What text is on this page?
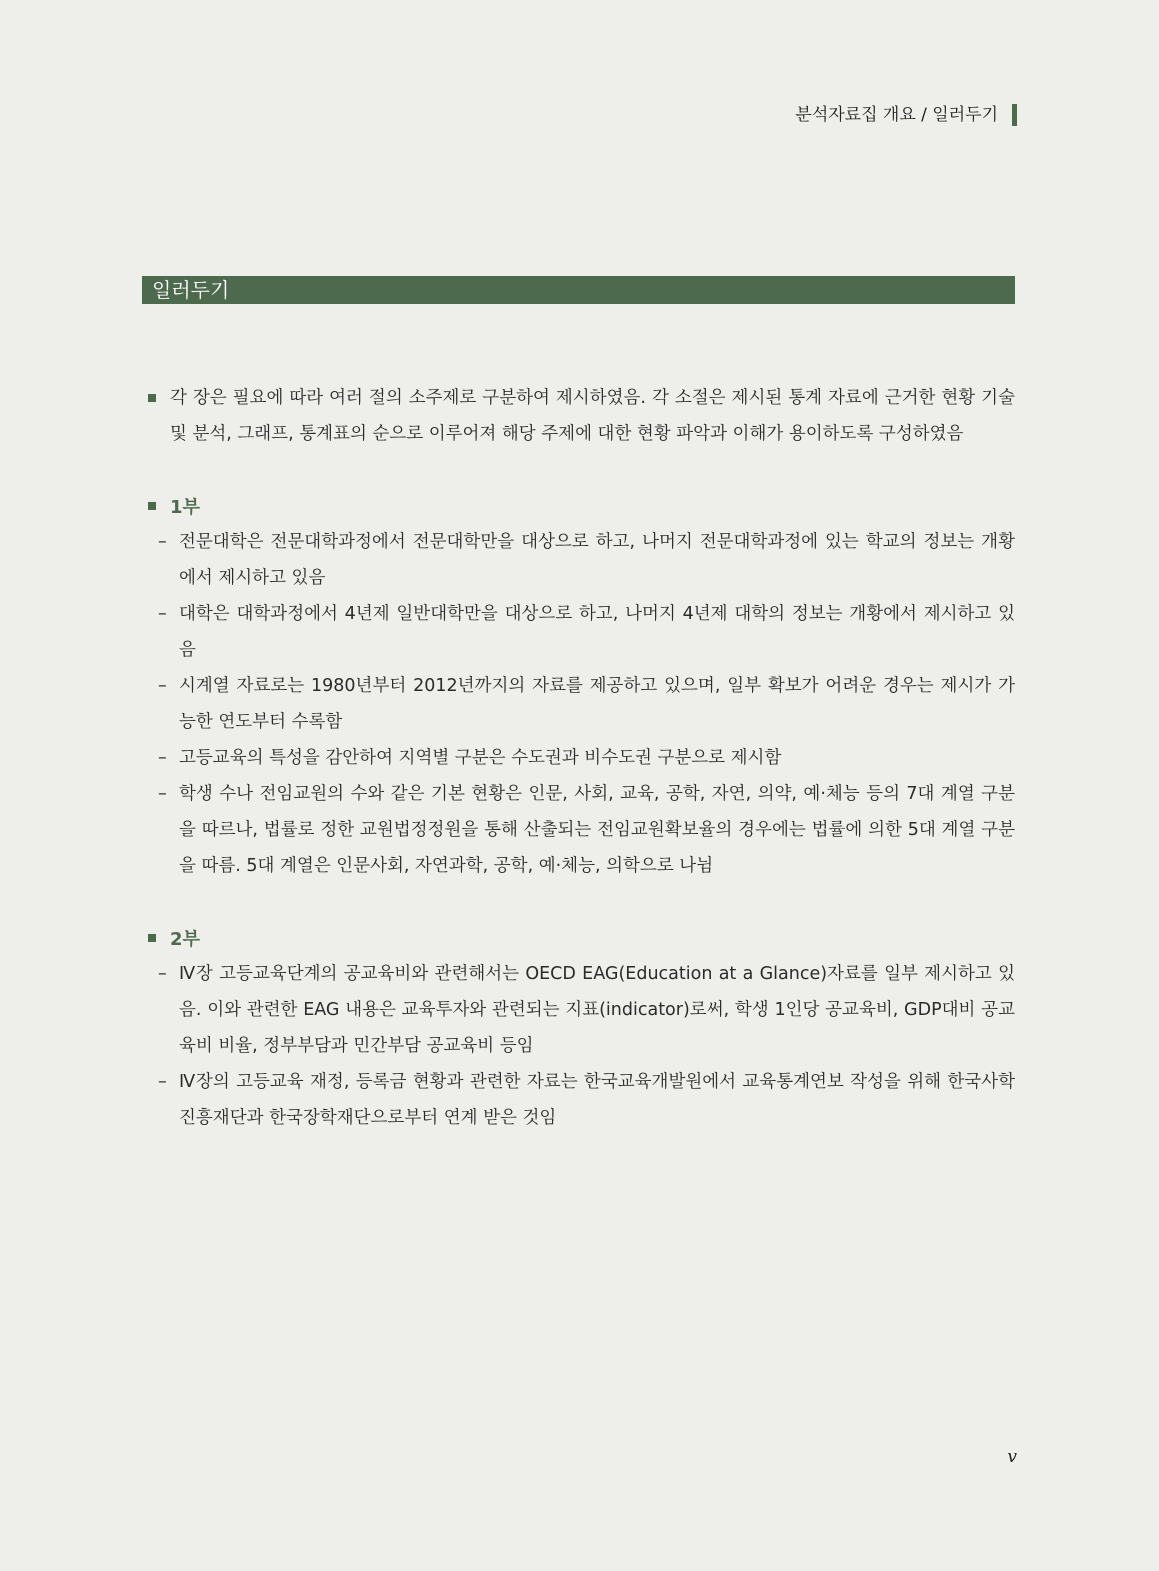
분석자료집 개요 / 일러두기
일러두기
각 장은 필요에 따라 여러 절의 소주제로 구분하여 제시하였음. 각 소절은 제시된 통계 자료에 근거한 현황 기술 및 분석, 그래프, 통계표의 순으로 이루어져 해당 주제에 대한 현황 파악과 이해가 용이하도록 구성하였음
1부
– 전문대학은 전문대학과정에서 전문대학만을 대상으로 하고, 나머지 전문대학과정에 있는 학교의 정보는 개황에서 제시하고 있음
– 대학은 대학과정에서 4년제 일반대학만을 대상으로 하고, 나머지 4년제 대학의 정보는 개황에서 제시하고 있음
– 시계열 자료로는 1980년부터 2012년까지의 자료를 제공하고 있으며, 일부 확보가 어려운 경우는 제시가 가능한 연도부터 수록함
– 고등교육의 특성을 감안하여 지역별 구분은 수도권과 비수도권 구분으로 제시함
– 학생 수나 전임교원의 수와 같은 기본 현황은 인문, 사회, 교육, 공학, 자연, 의약, 예·체능 등의 7대 계열 구분을 따르나, 법률로 정한 교원법정정원을 통해 산출되는 전임교원확보율의 경우에는 법률에 의한 5대 계열 구분을 따름. 5대 계열은 인문사회, 자연과학, 공학, 예·체능, 의학으로 나뉨
2부
– Ⅳ장 고등교육단계의 공교육비와 관련해서는 OECD EAG(Education at a Glance)자료를 일부 제시하고 있음. 이와 관련한 EAG 내용은 교육투자와 관련되는 지표(indicator)로써, 학생 1인당 공교육비, GDP대비 공교육비 비율, 정부부담과 민간부담 공교육비 등임
– Ⅳ장의 고등교육 재정, 등록금 현황과 관련한 자료는 한국교육개발원에서 교육통계연보 작성을 위해 한국사학진흥재단과 한국장학재단으로부터 연계 받은 것임
v
